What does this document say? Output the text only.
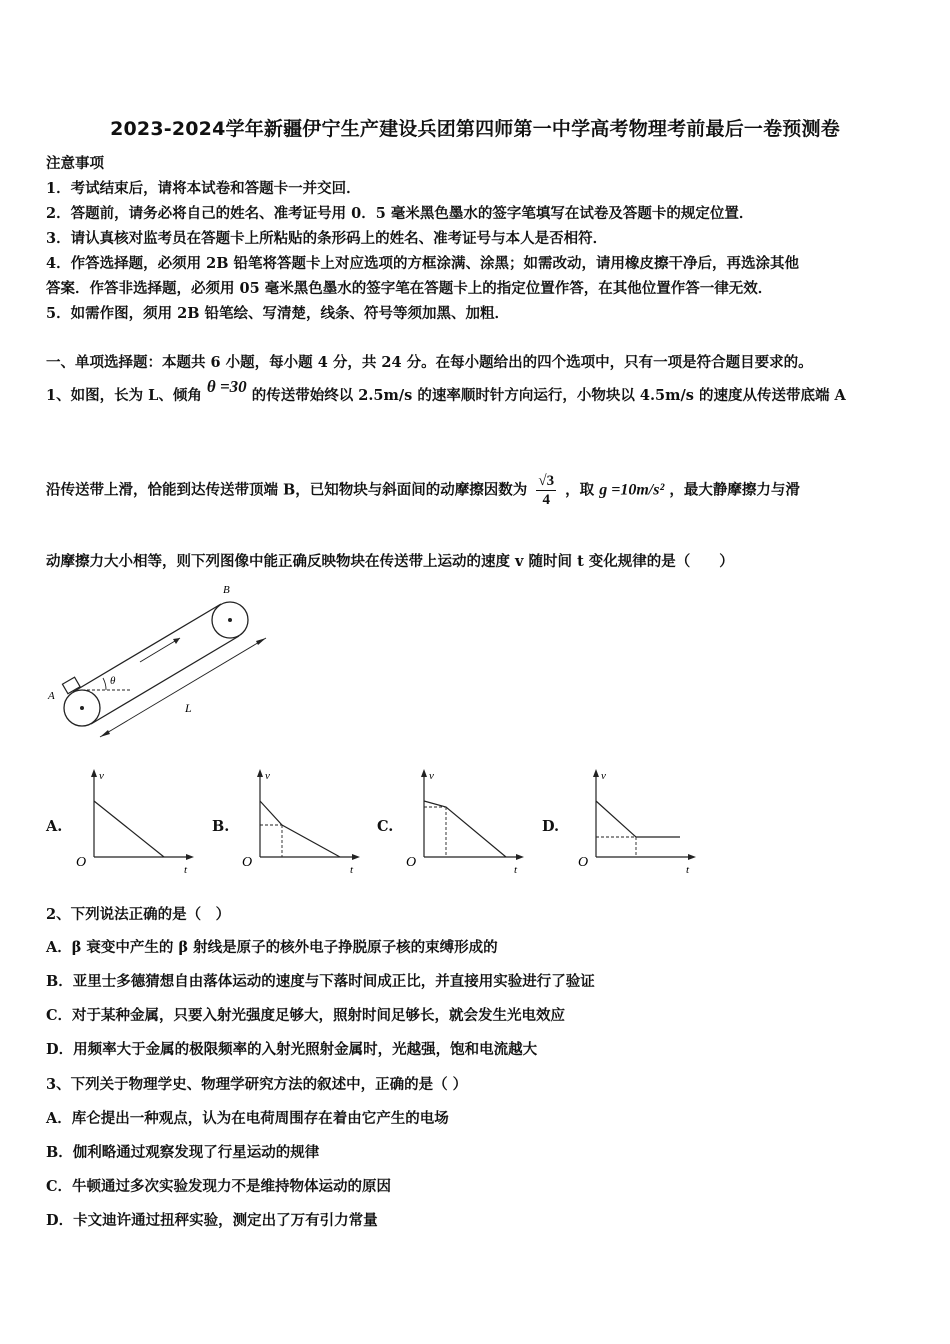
2023-2024学年新疆伊宁生产建设兵团第四师第一中学高考物理考前最后一卷预测卷
注意事项
1．考试结束后，请将本试卷和答题卡一并交回．
2．答题前，请务必将自己的姓名、准考证号用 0．5 毫米黑色墨水的签字笔填写在试卷及答题卡的规定位置．
3．请认真核对监考员在答题卡上所粘贴的条形码上的姓名、准考证号与本人是否相符．
4．作答选择题，必须用 2B 铅笔将答题卡上对应选项的方框涂满、涂黑；如需改动，请用橡皮擦干净后，再选涂其他
答案．作答非选择题，必须用 05 毫米黑色墨水的签字笔在答题卡上的指定位置作答，在其他位置作答一律无效．
5．如需作图，须用 2B 铅笔绘、写清楚，线条、符号等须加黑、加粗．
一、单项选择题：本题共 6 小题，每小题 4 分，共 24 分。在每小题给出的四个选项中，只有一项是符合题目要求的。
1、如图，长为 L、倾角 θ =30 的传送带始终以 2.5m/s 的速率顺时针方向运行，小物块以 4.5m/s 的速度从传送带底端 A
沿传送带上滑，恰能到达传送带顶端 B，已知物块与斜面间的动摩擦因数为 $\frac{√3}{4}$ ，取 g =10m/s² ，最大静摩擦力与滑
动摩擦力大小相等，则下列图像中能正确反映物块在传送带上运动的速度 v 随时间 t 变化规律的是（　　）
A
B
θ
L
A.
v
t
O
B.
v
t
O
C.
v
t
O
D.
v
t
O
2、下列说法正确的是（　）
A．β 衰变中产生的 β 射线是原子的核外电子挣脱原子核的束缚形成的
B．亚里士多德猜想自由落体运动的速度与下落时间成正比，并直接用实验进行了验证
C．对于某种金属，只要入射光强度足够大，照射时间足够长，就会发生光电效应
D．用频率大于金属的极限频率的入射光照射金属时，光越强，饱和电流越大
3、下列关于物理学史、物理学研究方法的叙述中，正确的是（ ）
A．库仑提出一种观点，认为在电荷周围存在着由它产生的电场
B．伽利略通过观察发现了行星运动的规律
C．牛顿通过多次实验发现力不是维持物体运动的原因
D．卡文迪许通过扭秤实验，测定出了万有引力常量
